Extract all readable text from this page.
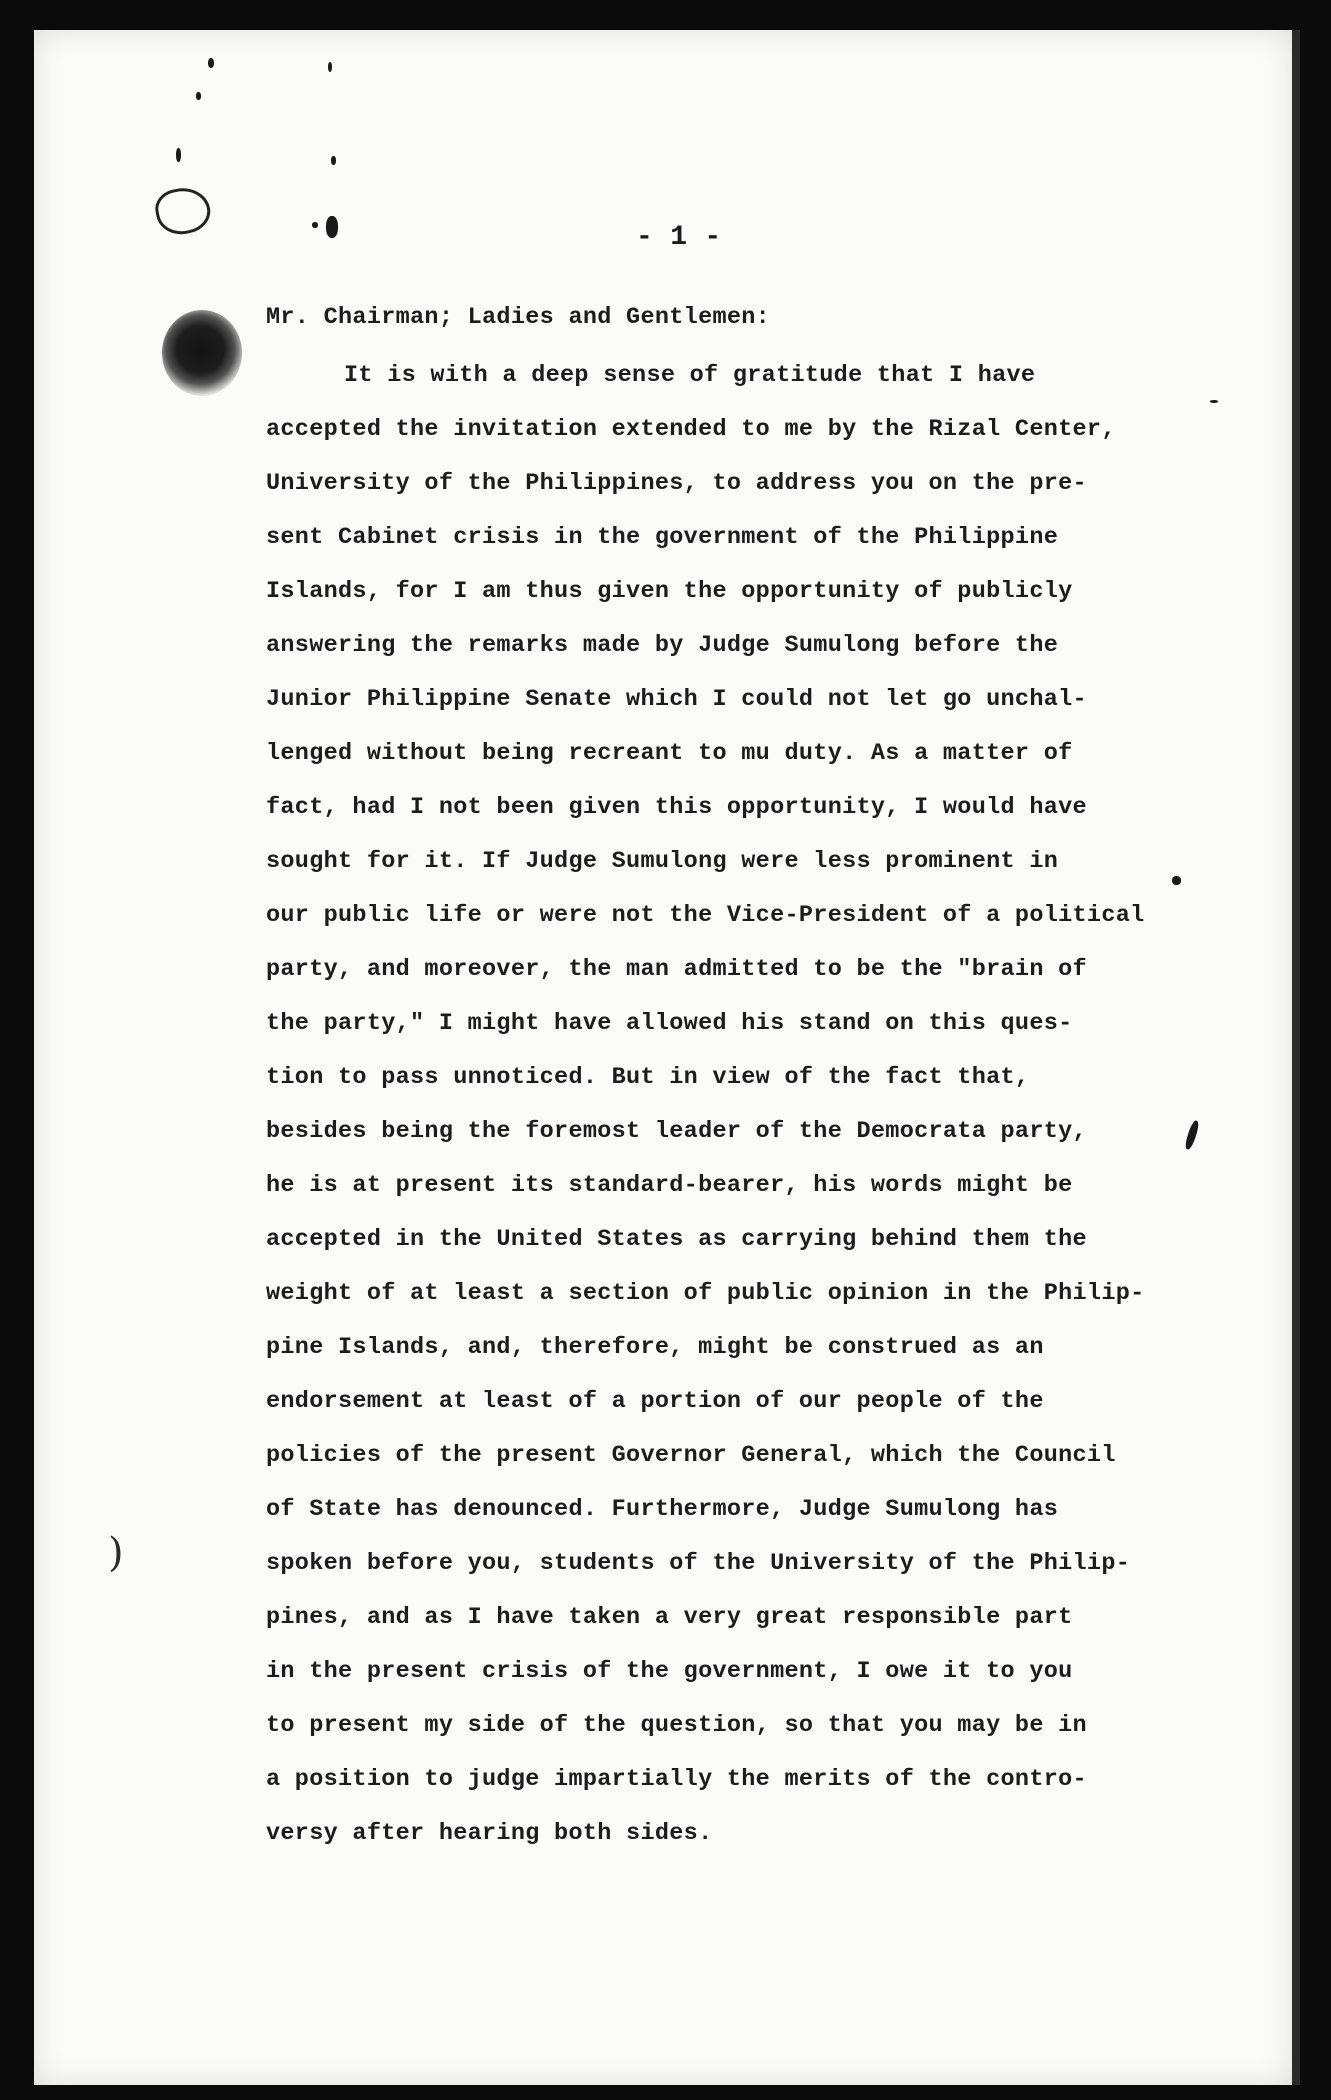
)
- 1 -
Mr. Chairman; Ladies and Gentlemen:
It is with a deep sense of gratitude that I have
accepted the invitation extended to me by the Rizal Center,
University of the Philippines, to address you on the pre-
sent Cabinet crisis in the government of the Philippine
Islands, for I am thus given the opportunity of publicly
answering the remarks made by Judge Sumulong before the
Junior Philippine Senate which I could not let go unchal-
lenged without being recreant to mu duty. As a matter of
fact, had I not been given this opportunity, I would have
sought for it. If Judge Sumulong were less prominent in
our public life or were not the Vice-President of a political
party, and moreover, the man admitted to be the "brain of
the party," I might have allowed his stand on this ques-
tion to pass unnoticed. But in view of the fact that,
besides being the foremost leader of the Democrata party,
he is at present its standard-bearer, his words might be
accepted in the United States as carrying behind them the
weight of at least a section of public opinion in the Philip-
pine Islands, and, therefore, might be construed as an
endorsement at least of a portion of our people of the
policies of the present Governor General, which the Council
of State has denounced. Furthermore, Judge Sumulong has
spoken before you, students of the University of the Philip-
pines, and as I have taken a very great responsible part
in the present crisis of the government, I owe it to you
to present my side of the question, so that you may be in
a position to judge impartially the merits of the contro-
versy after hearing both sides.
